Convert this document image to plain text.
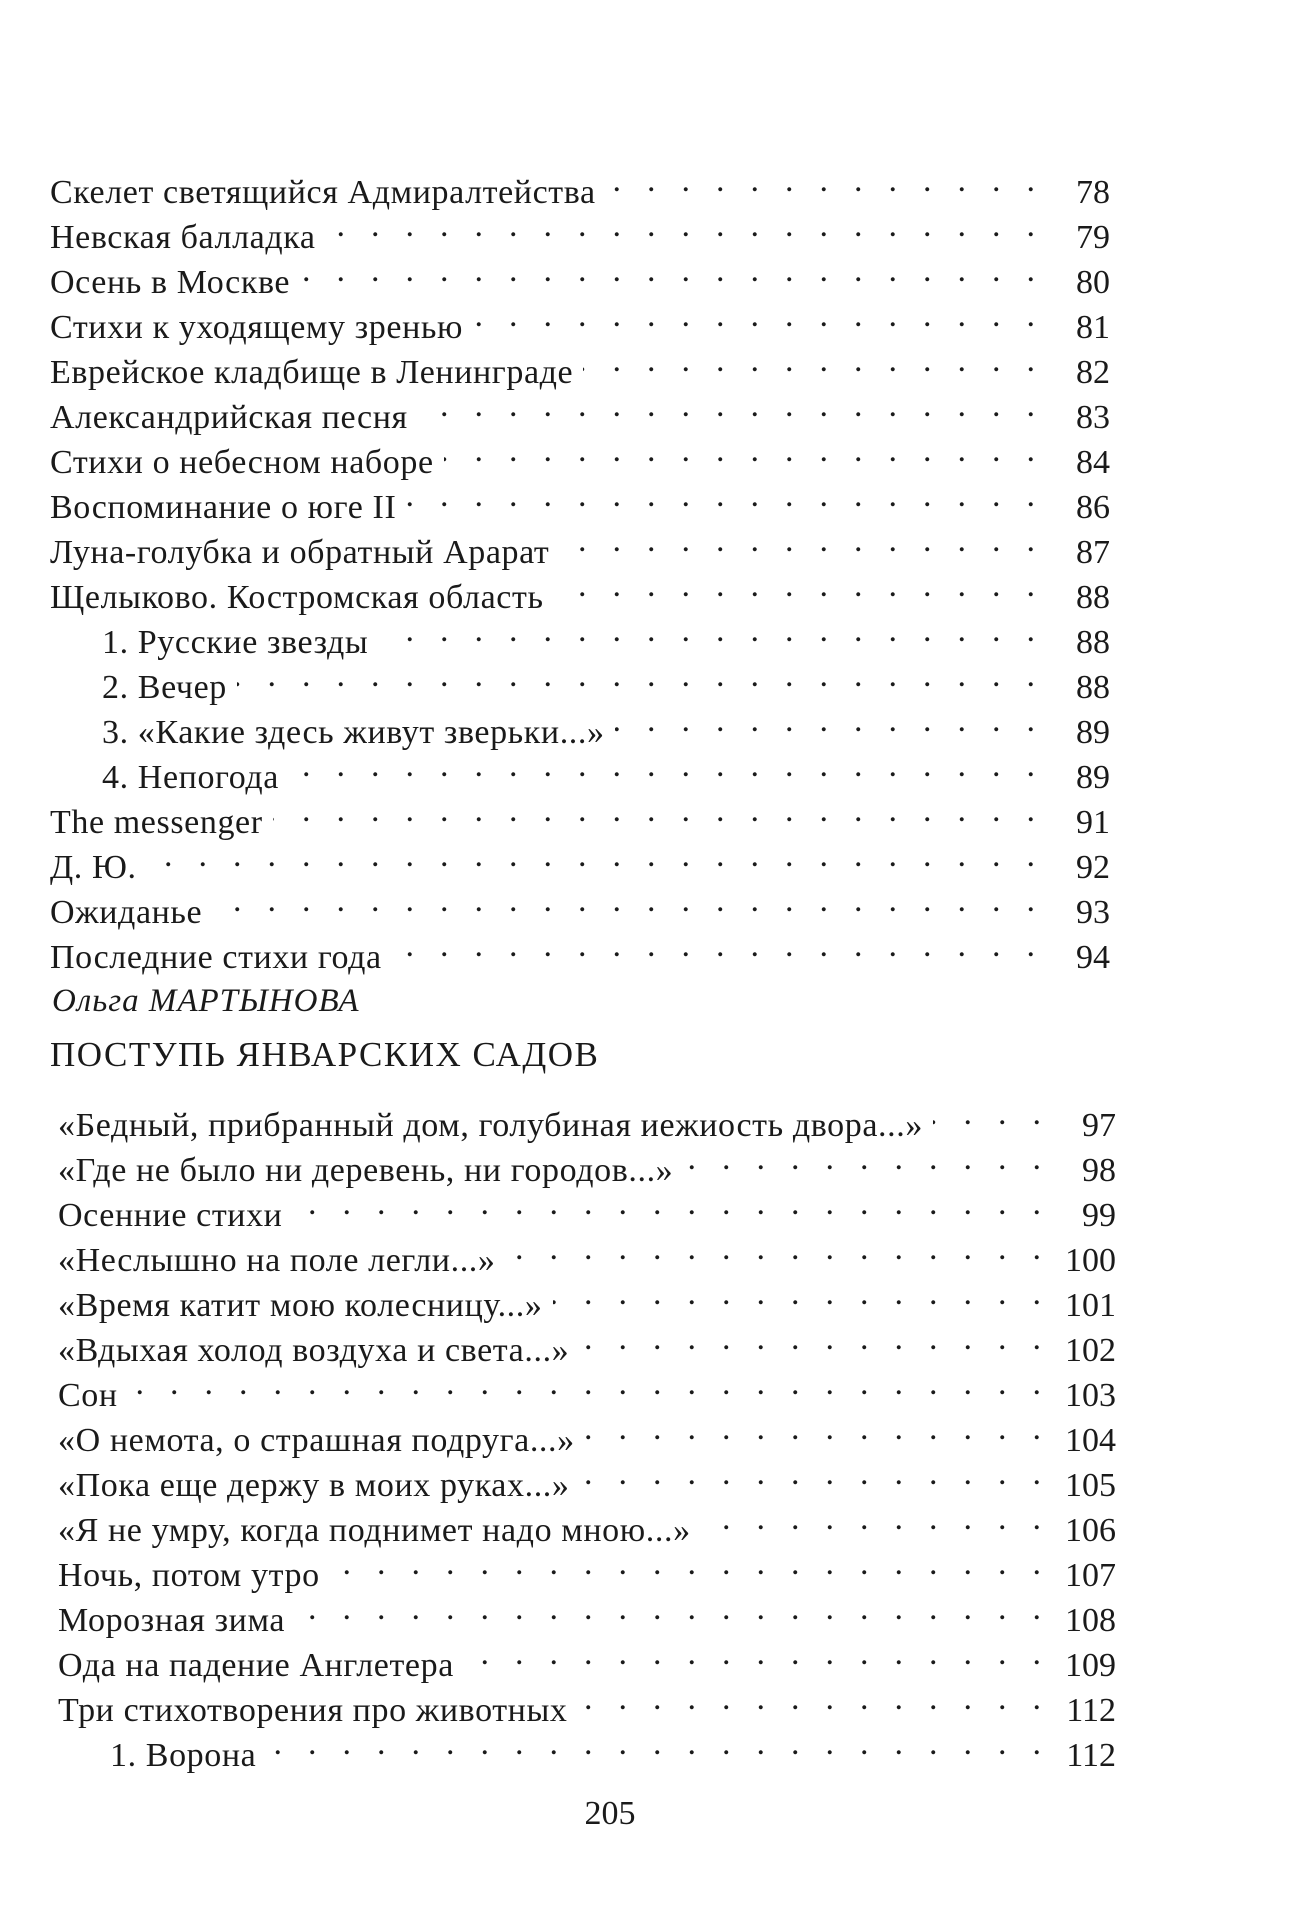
Скелет светящийся Адмиралтейства . .	78
Невская балладка . .	79
Осень в Москве . .	80
Стихи к уходящему зренью . .	81
Еврейское кладбище в Ленинграде . .	82
Александрийская песня . .	83
Стихи о небесном наборе . .	84
Воспоминание о юге II . .	86
Луна-голубка и обратный Арарат . .	87
Щелыково. Костромская область . .	88
1. Русские звезды . .	88
2. Вечер . .	88
3. «Какие здесь живут зверьки...» . .	89
4. Непогода . .	89
The messenger . .	91
Д. Ю. . .	92
Ожиданье . .	93
Последние стихи года . .	94
Ольга МАРТЫНОВА
ПОСТУПЬ ЯНВАРСКИХ САДОВ
«Бедный, прибранный дом, голубиная иежиость двора...» . .	97
«Где не было ни деревень, ни городов...» . .	98
Осенние стихи . .	99
«Неслышно на поле легли...» . .	100
«Время катит мою колесницу...» . .	101
«Вдыхая холод воздуха и света...» . .	102
Сон . .	103
«О немота, о страшная подруга...» . .	104
«Пока еще держу в моих руках...» . .	105
«Я не умру, когда поднимет надо мною...» . .	106
Ночь, потом утро . .	107
Морозная зима . .	108
Ода на падение Англетера . .	109
Три стихотворения про животных . .	112
1. Ворона . .	112
205
